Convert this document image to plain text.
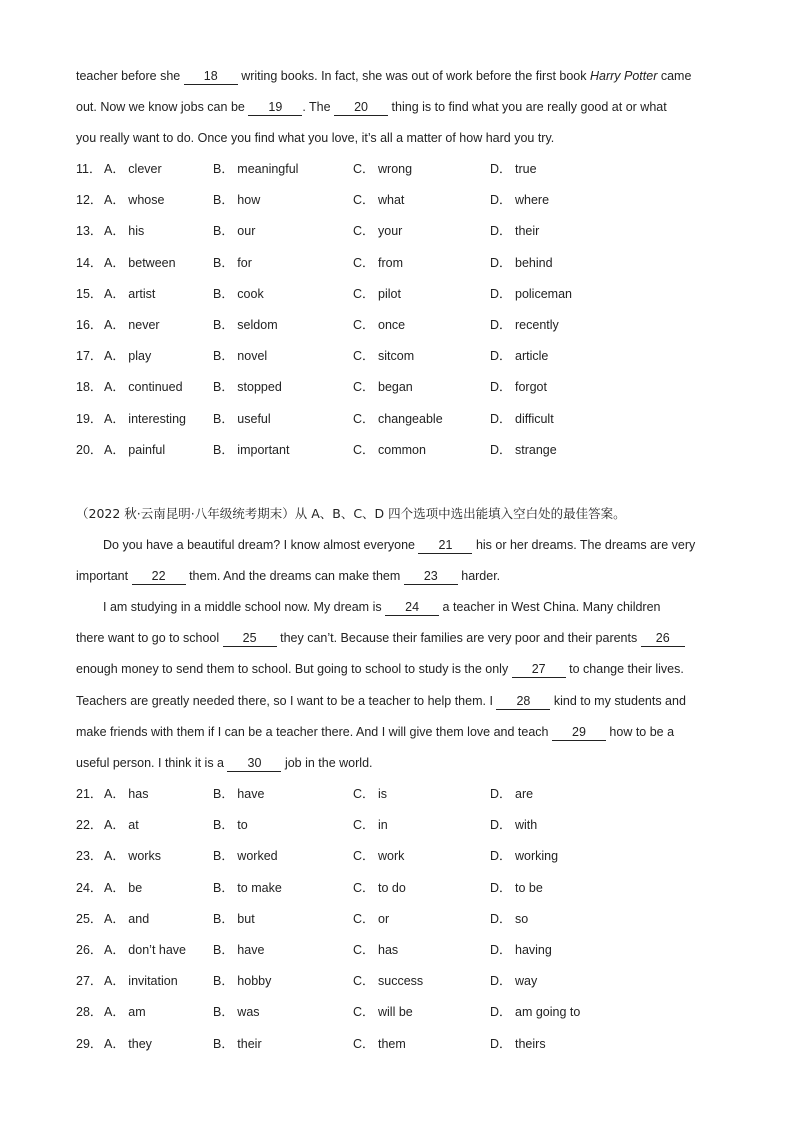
teacher before she 18 writing books. In fact, she was out of work before the first book Harry Potter came
out. Now we know jobs can be 19 . The 20 thing is to find what you are really good at or what
you really want to do. Once you find what you love, it’s all a matter of how hard you try.
11． A． clever	B． meaningful	C． wrong	D． true
12． A． whose	B． how	C． what	D． where
13． A． his	B． our	C． your	D． their
14． A． between	B． for	C． from	D． behind
15． A． artist	B． cook	C． pilot	D． policeman
16． A． never	B． seldom	C． once	D． recently
17． A． play	B． novel	C． sitcom	D． article
18． A． continued B． stopped	C． began	D． forgot
19． A． interesting B． useful	C． changeable	D． difficult
20． A． painful	B． important	C． common	D． strange
（2022 秋·云南昆明·八年级统考期末）从 A、B、C、D 四个选项中选出能填入空白处的最佳答案。
Do you have a beautiful dream? I know almost everyone 21 his or her dreams. The dreams are very
important 22 them. And the dreams can make them 23 harder.
I am studying in a middle school now. My dream is 24 a teacher in West China. Many children
there want to go to school 25 they can’t. Because their families are very poor and their parents 26
enough money to send them to school. But going to school to study is the only 27 to change their lives.
Teachers are greatly needed there, so I want to be a teacher to help them. I 28 kind to my students and
make friends with them if I can be a teacher there. And I will give them love and teach 29 how to be a
useful person. I think it is a 30 job in the world.
21． A． has	B． have	C． is	D． are
22． A． at	B． to	C． in	D． with
23． A． works	B． worked	C． work	D． working
24． A． be	B． to make	C． to do	D． to be
25． A． and	B． but	C． or	D． so
26． A． don’t have B． have	C． has	D． having
27． A． invitation	B． hobby	C． success	D． way
28． A． am	B． was	C． will be	D． am going to
29． A． they	B． their	C． them	D． theirs
